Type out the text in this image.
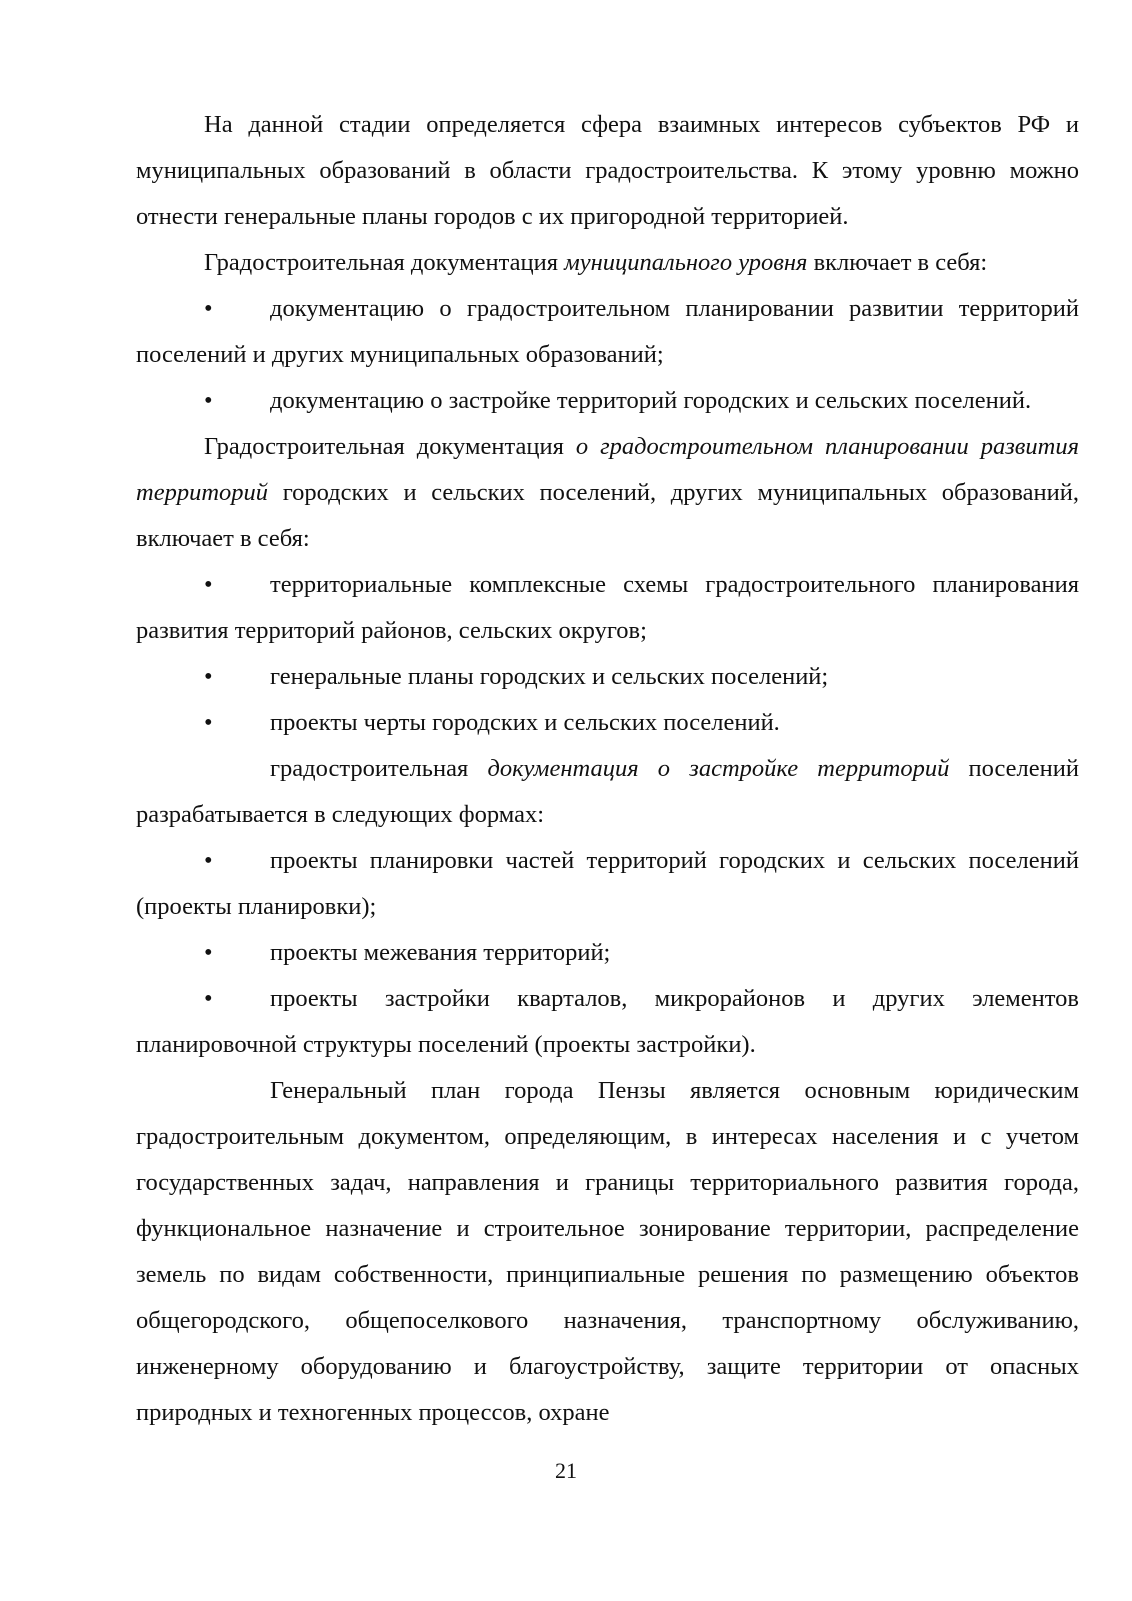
На данной стадии определяется сфера взаимных интересов субъектов РФ и муниципальных образований в области градостроительства. К этому уровню можно отнести генеральные планы городов с их пригородной территорией.

Градостроительная документация муниципального уровня включает в себя:

• документацию о градостроительном планировании развитии территорий поселений и других муниципальных образований;

• документацию о застройке территорий городских и сельских поселений.

Градостроительная документация о градостроительном планировании развития территорий городских и сельских поселений, других муниципальных образований, включает в себя:

• территориальные комплексные схемы градостроительного планирования развития территорий районов, сельских округов;

• генеральные планы городских и сельских поселений;

• проекты черты городских и сельских поселений.

градостроительная документация о застройке территорий поселений разрабатывается в следующих формах:

• проекты планировки частей территорий городских и сельских поселений (проекты планировки);

• проекты межевания территорий;

• проекты застройки кварталов, микрорайонов и других элементов планировочной структуры поселений (проекты застройки).

Генеральный план города Пензы является основным юридическим градостроительным документом, определяющим, в интересах населения и с учетом государственных задач, направления и границы территориального развития города, функциональное назначение и строительное зонирование территории, распределение земель по видам собственности, принципиальные решения по размещению объектов общегородского, общепоселкового назначения, транспортному обслуживанию, инженерному оборудованию и благоустройству, защите территории от опасных природных и техногенных процессов, охране

21
